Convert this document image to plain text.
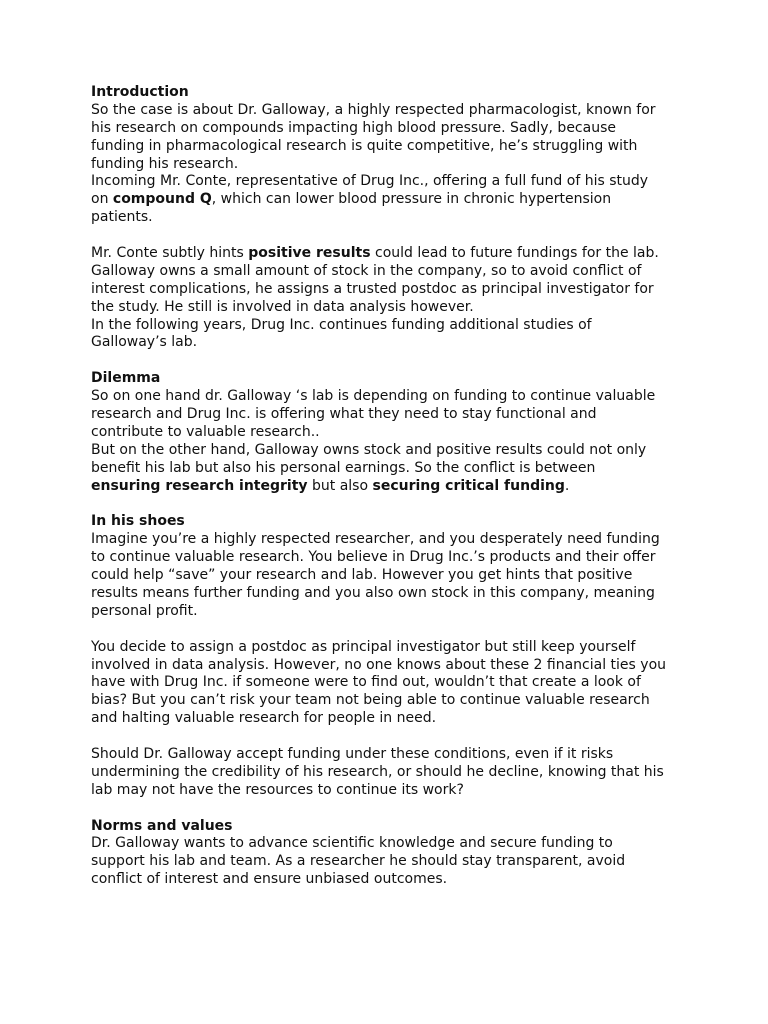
Introduction
So the case is about Dr. Galloway, a highly respected pharmacologist, known for
his research on compounds impacting high blood pressure. Sadly, because
funding in pharmacological research is quite competitive, he’s struggling with
funding his research.
Incoming Mr. Conte, representative of Drug Inc., offering a full fund of his study
on compound Q, which can lower blood pressure in chronic hypertension
patients.
Mr. Conte subtly hints positive results could lead to future fundings for the lab.
Galloway owns a small amount of stock in the company, so to avoid conflict of
interest complications, he assigns a trusted postdoc as principal investigator for
the study. He still is involved in data analysis however.
In the following years, Drug Inc. continues funding additional studies of
Galloway’s lab.
Dilemma
So on one hand dr. Galloway ‘s lab is depending on funding to continue valuable
research and Drug Inc. is offering what they need to stay functional and
contribute to valuable research..
But on the other hand, Galloway owns stock and positive results could not only
benefit his lab but also his personal earnings. So the conflict is between
ensuring research integrity but also securing critical funding.
In his shoes
Imagine you’re a highly respected researcher, and you desperately need funding
to continue valuable research. You believe in Drug Inc.’s products and their offer
could help “save” your research and lab. However you get hints that positive
results means further funding and you also own stock in this company, meaning
personal profit.
You decide to assign a postdoc as principal investigator but still keep yourself
involved in data analysis. However, no one knows about these 2 financial ties you
have with Drug Inc. if someone were to find out, wouldn’t that create a look of
bias? But you can’t risk your team not being able to continue valuable research
and halting valuable research for people in need.
Should Dr. Galloway accept funding under these conditions, even if it risks
undermining the credibility of his research, or should he decline, knowing that his
lab may not have the resources to continue its work?
Norms and values
Dr. Galloway wants to advance scientific knowledge and secure funding to
support his lab and team. As a researcher he should stay transparent, avoid
conflict of interest and ensure unbiased outcomes.
